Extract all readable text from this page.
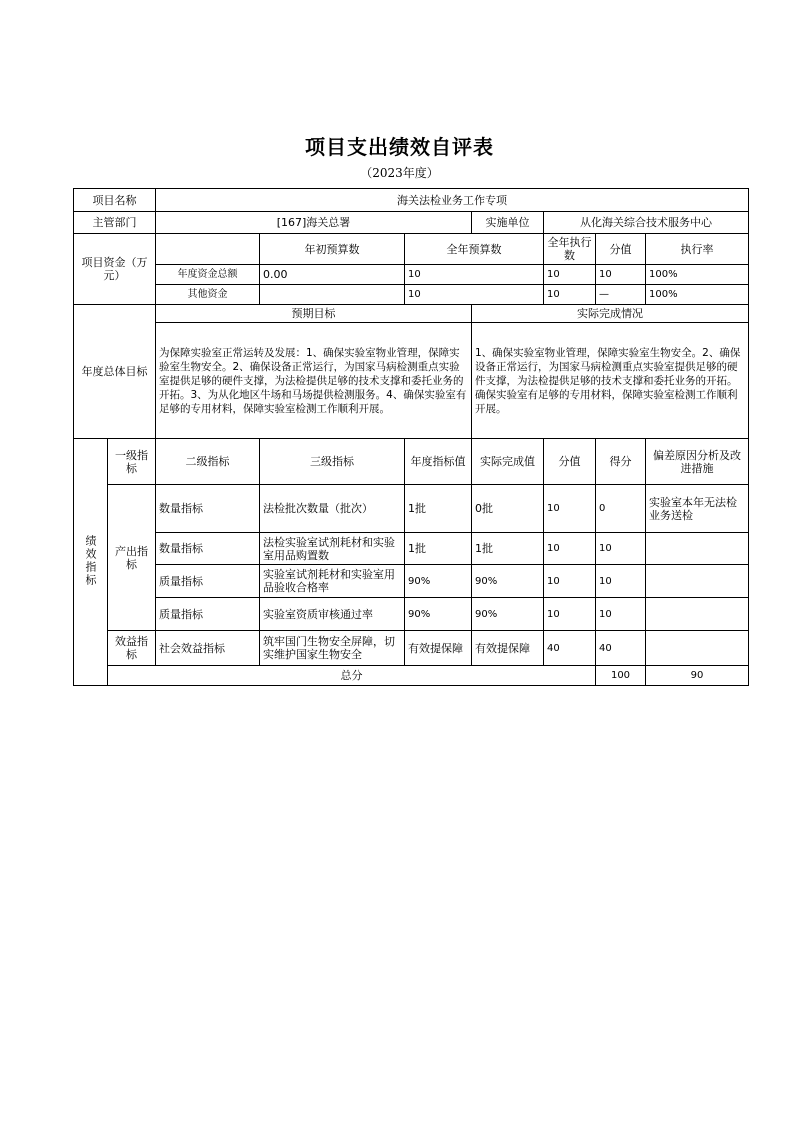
项目支出绩效自评表
（2023年度）
项目名称		海关法检业务工作专项							
主管部门		[167]海关总署			实施单位	从化海关综合技术服务中心			
项目资金（万元）			年初预算数	全年预算数		全年执行数	分值	执行率	
		年度资金总额	0.00	10		10	10	100%	
		其他资金		10		10	—	100%	
年度总体目标		预期目标			实际完成情况				
		为保障实验室正常运转及发展：1、确保实验室物业管理，保障实验室生物安全。2、确保设备正常运行，为国家马病检测重点实验室提供足够的硬件支撑，为法检提供足够的技术支撑和委托业务的开拓。3、为从化地区牛场和马场提供检测服务。4、确保实验室有足够的专用材料，保障实验室检测工作顺利开展。			1、确保实验室物业管理，保障实验室生物安全。2、确保设备正常运行，为国家马病检测重点实验室提供足够的硬件支撑，为法检提供足够的技术支撑和委托业务的开拓。确保实验室有足够的专用材料，保障实验室检测工作顺利开展。				
绩效指标	一级指标	二级指标	三级指标	年度指标值	实际完成值	分值	得分	偏差原因分析及改进措施	
	产出指标	数量指标	法检批次数量（批次）	1批	0批	10	0	实验室本年无法检业务送检	
		数量指标	法检实验室试剂耗材和实验室用品购置数	1批	1批	10	10		
		质量指标	实验室试剂耗材和实验室用品验收合格率	90%	90%	10	10		
		质量指标	实验室资质审核通过率	90%	90%	10	10		
	效益指标	社会效益指标	筑牢国门生物安全屏障，切实维护国家生物安全	有效提保障	有效提保障	40	40		
	总分						100	90	
